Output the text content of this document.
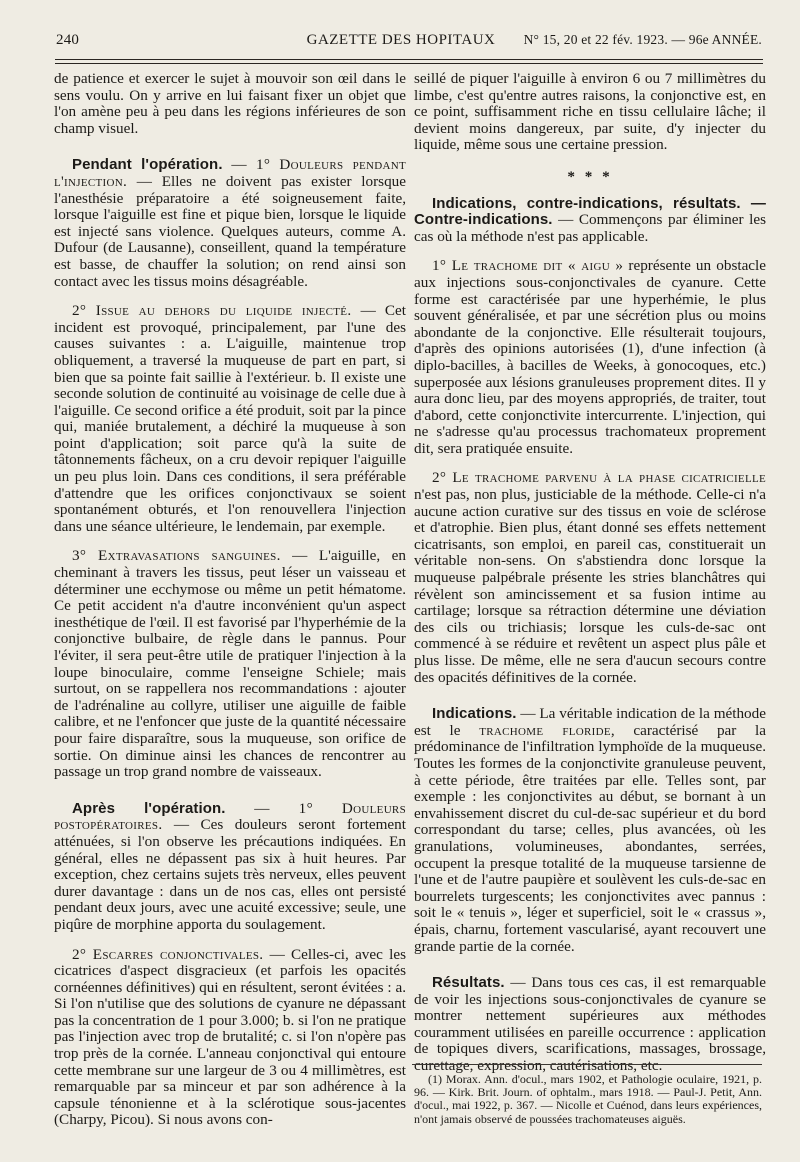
240	GAZETTE DES HOPITAUX	N° 15, 20 et 22 fév. 1923. — 96e ANNÉE.

de patience et exercer le sujet à mouvoir son œil dans le sens voulu. On y arrive en lui faisant fixer un objet que l'on amène peu à peu dans les régions inférieures de son champ visuel.

Pendant l'opération. — 1° Douleurs pendant l'injection. — Elles ne doivent pas exister lorsque l'anesthésie préparatoire a été soigneusement faite, lorsque l'aiguille est fine et pique bien, lorsque le liquide est injecté sans violence. Quelques auteurs, comme A. Dufour (de Lausanne), conseillent, quand la température est basse, de chauffer la solution; on rend ainsi son contact avec les tissus moins désagréable.

2° Issue au dehors du liquide injecté. — Cet incident est provoqué, principalement, par l'une des causes suivantes : a. L'aiguille, maintenue trop obliquement, a traversé la muqueuse de part en part, si bien que sa pointe fait saillie à l'extérieur. b. Il existe une seconde solution de continuité au voisinage de celle due à l'aiguille. Ce second orifice a été produit, soit par la pince qui, maniée brutalement, a déchiré la muqueuse à son point d'application; soit parce qu'à la suite de tâtonnements fâcheux, on a cru devoir repiquer l'aiguille un peu plus loin. Dans ces conditions, il sera préférable d'attendre que les orifices conjonctivaux se soient spontanément obturés, et l'on renouvellera l'injection dans une séance ultérieure, le lendemain, par exemple.

3° Extravasations sanguines. — L'aiguille, en cheminant à travers les tissus, peut léser un vaisseau et déterminer une ecchymose ou même un petit hématome. Ce petit accident n'a d'autre inconvénient qu'un aspect inesthétique de l'œil. Il est favorisé par l'hyperhémie de la conjonctive bulbaire, de règle dans le pannus. Pour l'éviter, il sera peut-être utile de pratiquer l'injection à la loupe binoculaire, comme l'enseigne Schiele; mais surtout, on se rappellera nos recommandations : ajouter de l'adrénaline au collyre, utiliser une aiguille de faible calibre, et ne l'enfoncer que juste de la quantité nécessaire pour faire disparaître, sous la muqueuse, son orifice de sortie. On diminue ainsi les chances de rencontrer au passage un trop grand nombre de vaisseaux.

Après l'opération. — 1° Douleurs postopératoires. — Ces douleurs seront fortement atténuées, si l'on observe les précautions indiquées. En général, elles ne dépassent pas six à huit heures. Par exception, chez certains sujets très nerveux, elles peuvent durer davantage : dans un de nos cas, elles ont persisté pendant deux jours, avec une acuité excessive; seule, une piqûre de morphine apporta du soulagement.

2° Escarres conjonctivales. — Celles-ci, avec les cicatrices d'aspect disgracieux (et parfois les opacités cornéennes définitives) qui en résultent, seront évitées : a. Si l'on n'utilise que des solutions de cyanure ne dépassant pas la concentration de 1 pour 3.000; b. si l'on ne pratique pas l'injection avec trop de brutalité; c. si l'on n'opère pas trop près de la cornée. L'anneau conjonctival qui entoure cette membrane sur une largeur de 3 ou 4 millimètres, est remarquable par sa minceur et par son adhérence à la capsule ténonienne et à la sclérotique sous-jacentes (Charpy, Picou). Si nous avons con-

seillé de piquer l'aiguille à environ 6 ou 7 millimètres du limbe, c'est qu'entre autres raisons, la conjonctive est, en ce point, suffisamment riche en tissu cellulaire lâche; il devient moins dangereux, par suite, d'y injecter du liquide, même sous une certaine pression.

* * *

Indications, contre-indications, résultats. — Contre-indications. — Commençons par éliminer les cas où la méthode n'est pas applicable.

1° Le trachome dit « aigu » représente un obstacle aux injections sous-conjonctivales de cyanure. Cette forme est caractérisée par une hyperhémie, le plus souvent généralisée, et par une sécrétion plus ou moins abondante de la conjonctive. Elle résulterait toujours, d'après des opinions autorisées (1), d'une infection (à diplo-bacilles, à bacilles de Weeks, à gonocoques, etc.) superposée aux lésions granuleuses proprement dites. Il y aura donc lieu, par des moyens appropriés, de traiter, tout d'abord, cette conjonctivite intercurrente. L'injection, qui ne s'adresse qu'au processus trachomateux proprement dit, sera pratiquée ensuite.

2° Le trachome parvenu à la phase cicatricielle n'est pas, non plus, justiciable de la méthode. Celle-ci n'a aucune action curative sur des tissus en voie de sclérose et d'atrophie. Bien plus, étant donné ses effets nettement cicatrisants, son emploi, en pareil cas, constituerait un véritable non-sens. On s'abstiendra donc lorsque la muqueuse palpébrale présente les stries blanchâtres qui révèlent son amincissement et sa fusion intime au cartilage; lorsque sa rétraction détermine une déviation des cils ou trichiasis; lorsque les culs-de-sac ont commencé à se réduire et revêtent un aspect plus pâle et plus lisse. De même, elle ne sera d'aucun secours contre des opacités définitives de la cornée.

Indications. — La véritable indication de la méthode est le trachome floride, caractérisé par la prédominance de l'infiltration lymphoïde de la muqueuse. Toutes les formes de la conjonctivite granuleuse peuvent, à cette période, être traitées par elle. Telles sont, par exemple : les conjonctivites au début, se bornant à un envahissement discret du cul-de-sac supérieur et du bord correspondant du tarse; celles, plus avancées, où les granulations, volumineuses, abondantes, serrées, occupent la presque totalité de la muqueuse tarsienne de l'une et de l'autre paupière et soulèvent les culs-de-sac en bourrelets turgescents; les conjonctivites avec pannus : soit le « tenuis », léger et superficiel, soit le « crassus », épais, charnu, fortement vascularisé, ayant recouvert une grande partie de la cornée.

Résultats. — Dans tous ces cas, il est remarquable de voir les injections sous-conjonctivales de cyanure se montrer nettement supérieures aux méthodes couramment utilisées en pareille occurrence : application de topiques divers, scarifications, massages, brossage, curettage, expression, cautérisations, etc.

(1) Morax. Ann. d'ocul., mars 1902, et Pathologie oculaire, 1921, p. 96. — Kirk. Brit. Journ. of ophtalm., mars 1918. — Paul-J. Petit, Ann. d'ocul., mai 1922, p. 367. — Nicolle et Cuénod, dans leurs expériences, n'ont jamais observé de poussées trachomateuses aiguës.
